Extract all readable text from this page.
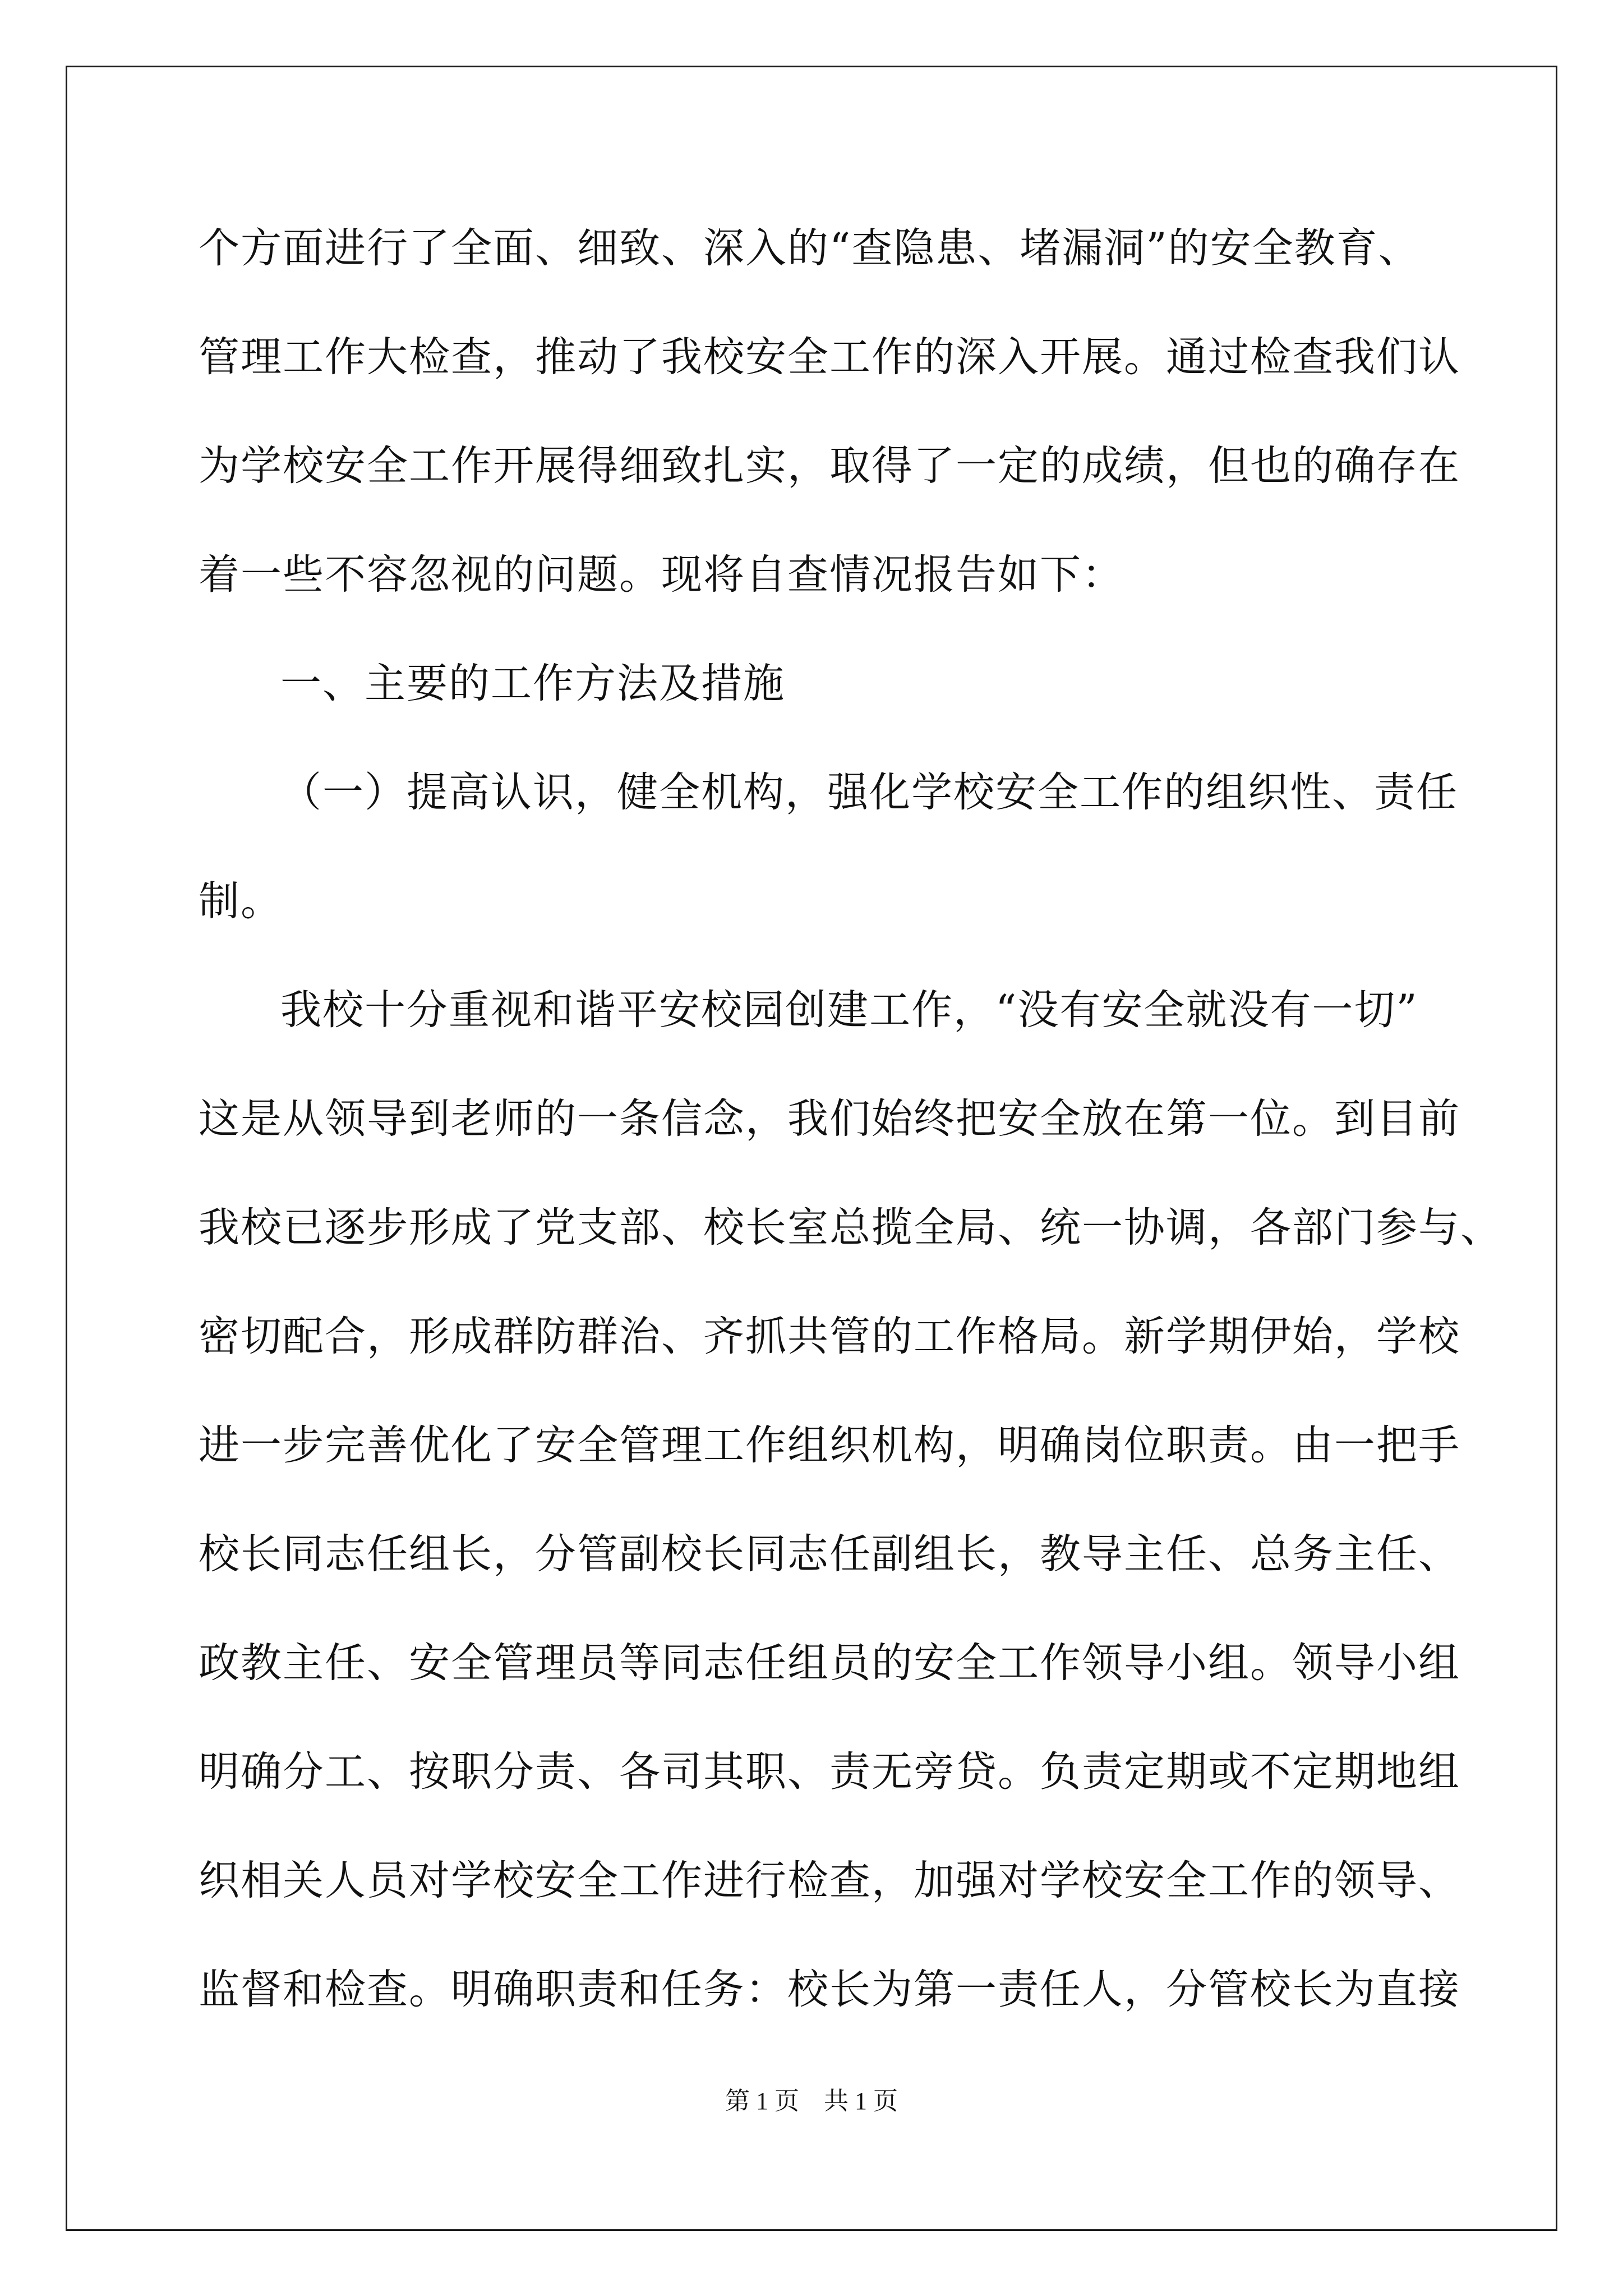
个方面进行了全面、细致、深入的“查隐患、堵漏洞”的安全教育、
管理工作大检查，推动了我校安全工作的深入开展。通过检查我们认
为学校安全工作开展得细致扎实，取得了一定的成绩，但也的确存在
着一些不容忽视的问题。现将自查情况报告如下：
一、主要的工作方法及措施
（一）提高认识，健全机构，强化学校安全工作的组织性、责任
制。
我校十分重视和谐平安校园创建工作，“没有安全就没有一切”
这是从领导到老师的一条信念，我们始终把安全放在第一位。到目前
我校已逐步形成了党支部、校长室总揽全局、统一协调，各部门参与、
密切配合，形成群防群治、齐抓共管的工作格局。新学期伊始，学校
进一步完善优化了安全管理工作组织机构，明确岗位职责。由一把手
校长同志任组长，分管副校长同志任副组长，教导主任、总务主任、
政教主任、安全管理员等同志任组员的安全工作领导小组。领导小组
明确分工、按职分责、各司其职、责无旁贷。负责定期或不定期地组
织相关人员对学校安全工作进行检查，加强对学校安全工作的领导、
监督和检查。明确职责和任务：校长为第一责任人，分管校长为直接
第 1 页　共 1 页
